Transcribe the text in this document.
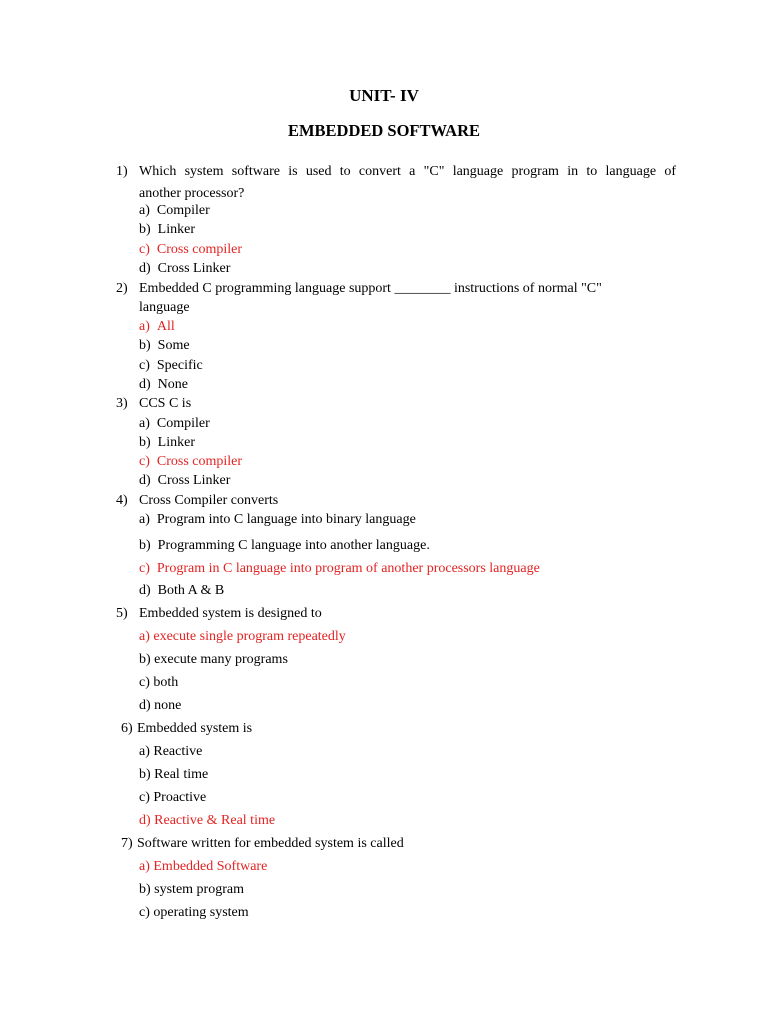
UNIT- IV
EMBEDDED SOFTWARE
1) Which system software is used to convert a "C" language program in to language of
another processor?
a)  Compiler
b)  Linker
c)  Cross compiler
d)  Cross Linker
2) Embedded C programming language support ________ instructions of normal "C"
language
a)  All
b)  Some
c)  Specific
d)  None
3) CCS C is
a)  Compiler
b)  Linker
c)  Cross compiler
d)  Cross Linker
4) Cross Compiler converts
a)  Program into C language into binary language
b)  Programming C language into another language.
c)  Program in C language into program of another processors language
d)  Both A & B
5) Embedded system is designed to
a) execute single program repeatedly
b) execute many programs
c) both
d) none
6) Embedded system is
a) Reactive
b) Real time
c) Proactive
d) Reactive & Real time
7) Software written for embedded system is called
a) Embedded Software
b) system program
c) operating system
